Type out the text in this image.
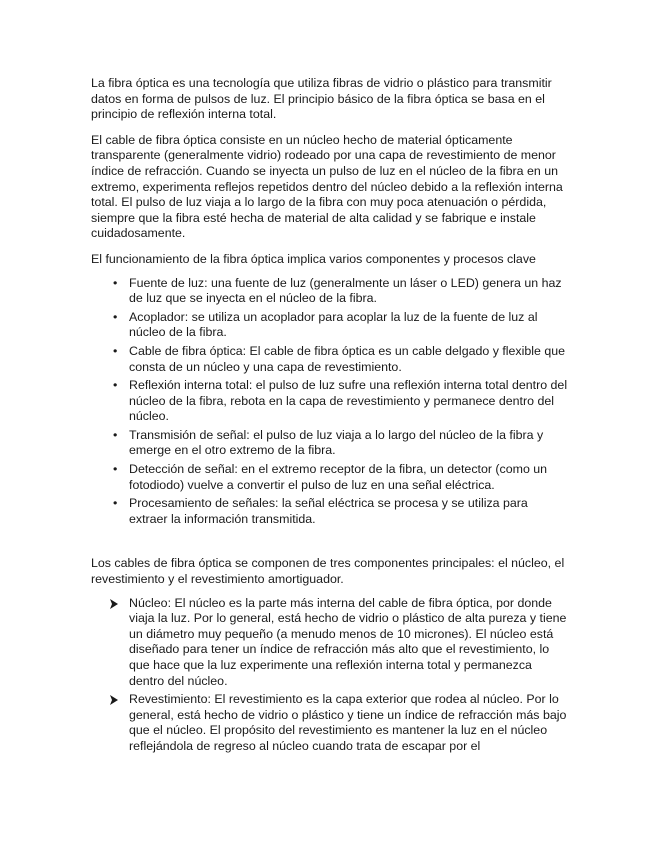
La fibra óptica es una tecnología que utiliza fibras de vidrio o plástico para transmitir datos en forma de pulsos de luz. El principio básico de la fibra óptica se basa en el principio de reflexión interna total.

El cable de fibra óptica consiste en un núcleo hecho de material ópticamente transparente (generalmente vidrio) rodeado por una capa de revestimiento de menor índice de refracción. Cuando se inyecta un pulso de luz en el núcleo de la fibra en un extremo, experimenta reflejos repetidos dentro del núcleo debido a la reflexión interna total. El pulso de luz viaja a lo largo de la fibra con muy poca atenuación o pérdida, siempre que la fibra esté hecha de material de alta calidad y se fabrique e instale cuidadosamente.

El funcionamiento de la fibra óptica implica varios componentes y procesos clave

• Fuente de luz: una fuente de luz (generalmente un láser o LED) genera un haz de luz que se inyecta en el núcleo de la fibra.
• Acoplador: se utiliza un acoplador para acoplar la luz de la fuente de luz al núcleo de la fibra.
• Cable de fibra óptica: El cable de fibra óptica es un cable delgado y flexible que consta de un núcleo y una capa de revestimiento.
• Reflexión interna total: el pulso de luz sufre una reflexión interna total dentro del núcleo de la fibra, rebota en la capa de revestimiento y permanece dentro del núcleo.
• Transmisión de señal: el pulso de luz viaja a lo largo del núcleo de la fibra y emerge en el otro extremo de la fibra.
• Detección de señal: en el extremo receptor de la fibra, un detector (como un fotodiodo) vuelve a convertir el pulso de luz en una señal eléctrica.
• Procesamiento de señales: la señal eléctrica se procesa y se utiliza para extraer la información transmitida.

Los cables de fibra óptica se componen de tres componentes principales: el núcleo, el revestimiento y el revestimiento amortiguador.

Núcleo: El núcleo es la parte más interna del cable de fibra óptica, por donde viaja la luz. Por lo general, está hecho de vidrio o plástico de alta pureza y tiene un diámetro muy pequeño (a menudo menos de 10 micrones). El núcleo está diseñado para tener un índice de refracción más alto que el revestimiento, lo que hace que la luz experimente una reflexión interna total y permanezca dentro del núcleo.
Revestimiento: El revestimiento es la capa exterior que rodea al núcleo. Por lo general, está hecho de vidrio o plástico y tiene un índice de refracción más bajo que el núcleo. El propósito del revestimiento es mantener la luz en el núcleo reflejándola de regreso al núcleo cuando trata de escapar por el
